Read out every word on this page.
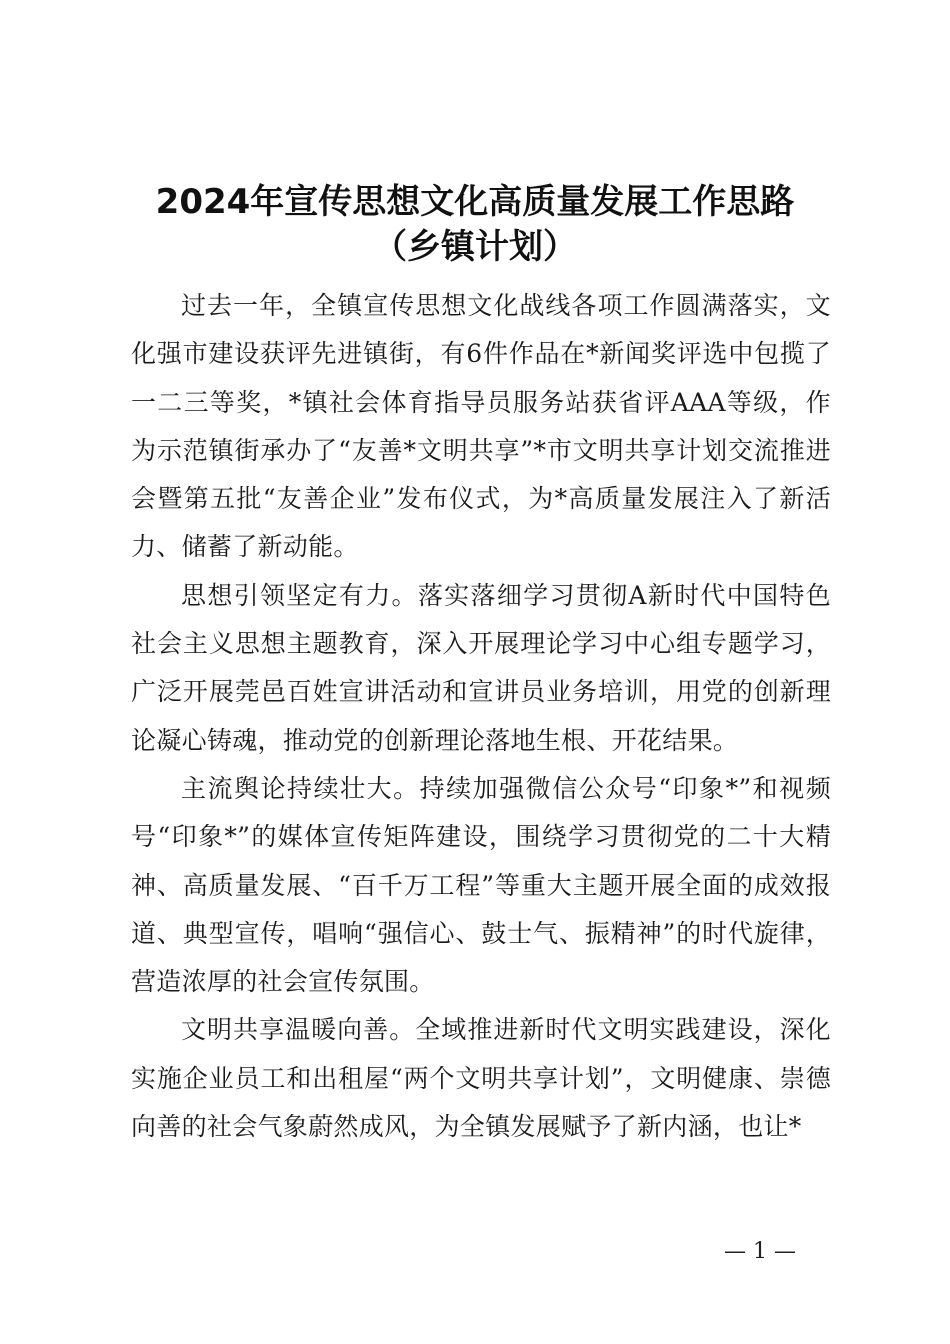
2024年宣传思想文化高质量发展工作思路
（乡镇计划）

过去一年，全镇宣传思想文化战线各项工作圆满落实，文化强市建设获评先进镇街，有6件作品在*新闻奖评选中包揽了一二三等奖，*镇社会体育指导员服务站获省评AAA等级，作为示范镇街承办了“友善*文明共享”*市文明共享计划交流推进会暨第五批“友善企业”发布仪式，为*高质量发展注入了新活力、储蓄了新动能。

思想引领坚定有力。落实落细学习贯彻A新时代中国特色社会主义思想主题教育，深入开展理论学习中心组专题学习，广泛开展莞邑百姓宣讲活动和宣讲员业务培训，用党的创新理论凝心铸魂，推动党的创新理论落地生根、开花结果。

主流舆论持续壮大。持续加强微信公众号“印象*”和视频号“印象*”的媒体宣传矩阵建设，围绕学习贯彻党的二十大精神、高质量发展、“百千万工程”等重大主题开展全面的成效报道、典型宣传，唱响“强信心、鼓士气、振精神”的时代旋律，营造浓厚的社会宣传氛围。

文明共享温暖向善。全域推进新时代文明实践建设，深化实施企业员工和出租屋“两个文明共享计划”，文明健康、崇德向善的社会气象蔚然成风，为全镇发展赋予了新内涵，也让*

— 1 —
